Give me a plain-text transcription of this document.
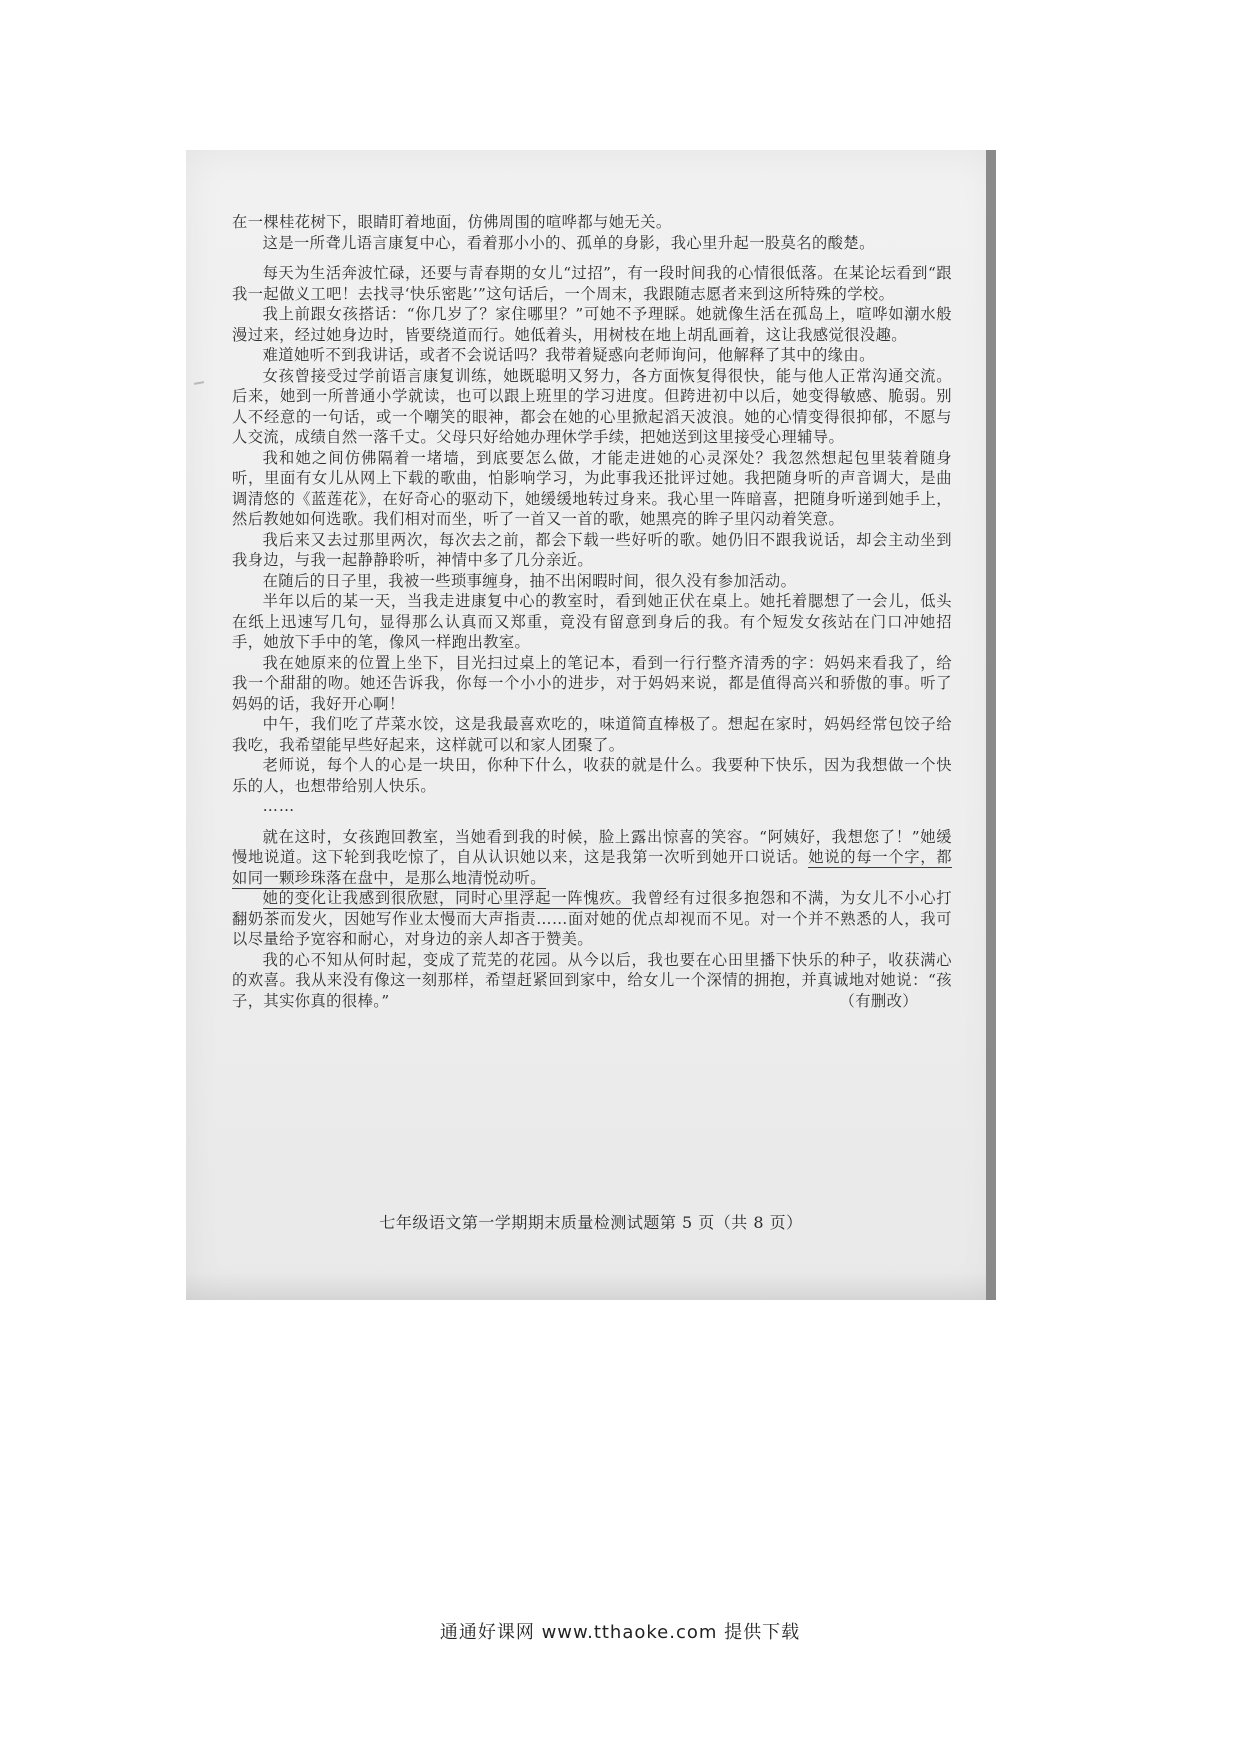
在一棵桂花树下，眼睛盯着地面，仿佛周围的喧哗都与她无关。

这是一所聋儿语言康复中心，看着那小小的、孤单的身影，我心里升起一股莫名的酸楚。

每天为生活奔波忙碌，还要与青春期的女儿“过招”，有一段时间我的心情很低落。在某论坛看到“跟我一起做义工吧！去找寻‘快乐密匙’”这句话后，一个周末，我跟随志愿者来到这所特殊的学校。

我上前跟女孩搭话：“你几岁了？家住哪里？”可她不予理睬。她就像生活在孤岛上，喧哗如潮水般漫过来，经过她身边时，皆要绕道而行。她低着头，用树枝在地上胡乱画着，这让我感觉很没趣。

难道她听不到我讲话，或者不会说话吗？我带着疑惑向老师询问，他解释了其中的缘由。

女孩曾接受过学前语言康复训练，她既聪明又努力，各方面恢复得很快，能与他人正常沟通交流。后来，她到一所普通小学就读，也可以跟上班里的学习进度。但跨进初中以后，她变得敏感、脆弱。别人不经意的一句话，或一个嘲笑的眼神，都会在她的心里掀起滔天波浪。她的心情变得很抑郁，不愿与人交流，成绩自然一落千丈。父母只好给她办理休学手续，把她送到这里接受心理辅导。

我和她之间仿佛隔着一堵墙，到底要怎么做，才能走进她的心灵深处？我忽然想起包里装着随身听，里面有女儿从网上下载的歌曲，怕影响学习，为此事我还批评过她。我把随身听的声音调大，是曲调清悠的《蓝莲花》，在好奇心的驱动下，她缓缓地转过身来。我心里一阵暗喜，把随身听递到她手上，然后教她如何选歌。我们相对而坐，听了一首又一首的歌，她黑亮的眸子里闪动着笑意。

我后来又去过那里两次，每次去之前，都会下载一些好听的歌。她仍旧不跟我说话，却会主动坐到我身边，与我一起静静聆听，神情中多了几分亲近。

在随后的日子里，我被一些琐事缠身，抽不出闲暇时间，很久没有参加活动。

半年以后的某一天，当我走进康复中心的教室时，看到她正伏在桌上。她托着腮想了一会儿，低头在纸上迅速写几句，显得那么认真而又郑重，竟没有留意到身后的我。有个短发女孩站在门口冲她招手，她放下手中的笔，像风一样跑出教室。

我在她原来的位置上坐下，目光扫过桌上的笔记本，看到一行行整齐清秀的字：妈妈来看我了，给我一个甜甜的吻。她还告诉我，你每一个小小的进步，对于妈妈来说，都是值得高兴和骄傲的事。听了妈妈的话，我好开心啊！

中午，我们吃了芹菜水饺，这是我最喜欢吃的，味道简直棒极了。想起在家时，妈妈经常包饺子给我吃，我希望能早些好起来，这样就可以和家人团聚了。

老师说，每个人的心是一块田，你种下什么，收获的就是什么。我要种下快乐，因为我想做一个快乐的人，也想带给别人快乐。

……

就在这时，女孩跑回教室，当她看到我的时候，脸上露出惊喜的笑容。“阿姨好，我想您了！”她缓慢地说道。这下轮到我吃惊了，自从认识她以来，这是我第一次听到她开口说话。她说的每一个字，都如同一颗珍珠落在盘中，是那么地清悦动听。

她的变化让我感到很欣慰，同时心里浮起一阵愧疚。我曾经有过很多抱怨和不满，为女儿不小心打翻奶茶而发火，因她写作业太慢而大声指责……面对她的优点却视而不见。对一个并不熟悉的人，我可以尽量给予宽容和耐心，对身边的亲人却吝于赞美。

我的心不知从何时起，变成了荒芜的花园。从今以后，我也要在心田里播下快乐的种子，收获满心的欢喜。我从来没有像这一刻那样，希望赶紧回到家中，给女儿一个深情的拥抱，并真诚地对她说：“孩子，其实你真的很棒。”	（有删改）

七年级语文第一学期期末质量检测试题第 5 页（共 8 页）
通通好课网 www.tthaoke.com 提供下载
